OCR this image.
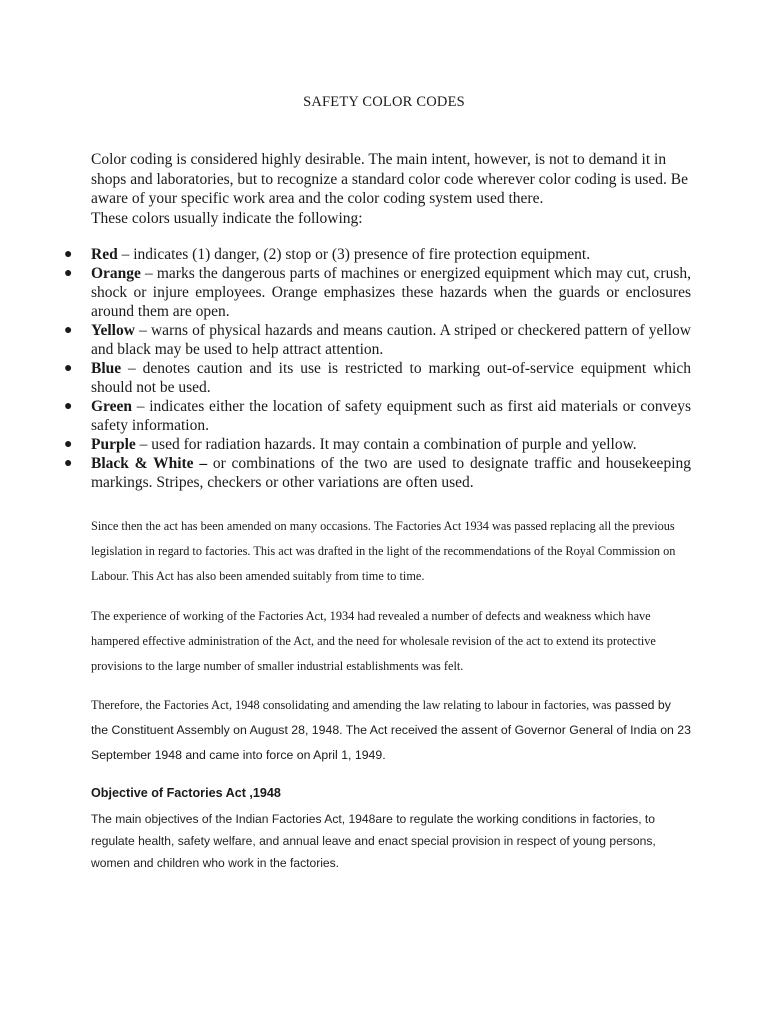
SAFETY COLOR CODES

Color coding is considered highly desirable. The main intent, however, is not to demand it in shops and laboratories, but to recognize a standard color code wherever color coding is used. Be aware of your specific work area and the color coding system used there.

These colors usually indicate the following:

● Red – indicates (1) danger, (2) stop or (3) presence of fire protection equipment.
● Orange – marks the dangerous parts of machines or energized equipment which may cut, crush, shock or injure employees. Orange emphasizes these hazards when the guards or enclosures around them are open.
● Yellow – warns of physical hazards and means caution. A striped or checkered pattern of yellow and black may be used to help attract attention.
● Blue – denotes caution and its use is restricted to marking out-of-service equipment which should not be used.
● Green – indicates either the location of safety equipment such as first aid materials or conveys safety information.
● Purple – used for radiation hazards. It may contain a combination of purple and yellow.
● Black & White – or combinations of the two are used to designate traffic and housekeeping markings. Stripes, checkers or other variations are often used.

Since then the act has been amended on many occasions. The Factories Act 1934 was passed replacing all the previous legislation in regard to factories. This act was drafted in the light of the recommendations of the Royal Commission on Labour. This Act has also been amended suitably from time to time.

The experience of working of the Factories Act, 1934 had revealed a number of defects and weakness which have hampered effective administration of the Act, and the need for wholesale revision of the act to extend its protective provisions to the large number of smaller industrial establishments was felt.

Therefore, the Factories Act, 1948 consolidating and amending the law relating to labour in factories, was passed by the Constituent Assembly on August 28, 1948. The Act received the assent of Governor General of India on 23 September 1948 and came into force on April 1, 1949.

Objective of Factories Act ,1948

The main objectives of the Indian Factories Act, 1948are to regulate the working conditions in factories, to regulate health, safety welfare, and annual leave and enact special provision in respect of young persons, women and children who work in the factories.
